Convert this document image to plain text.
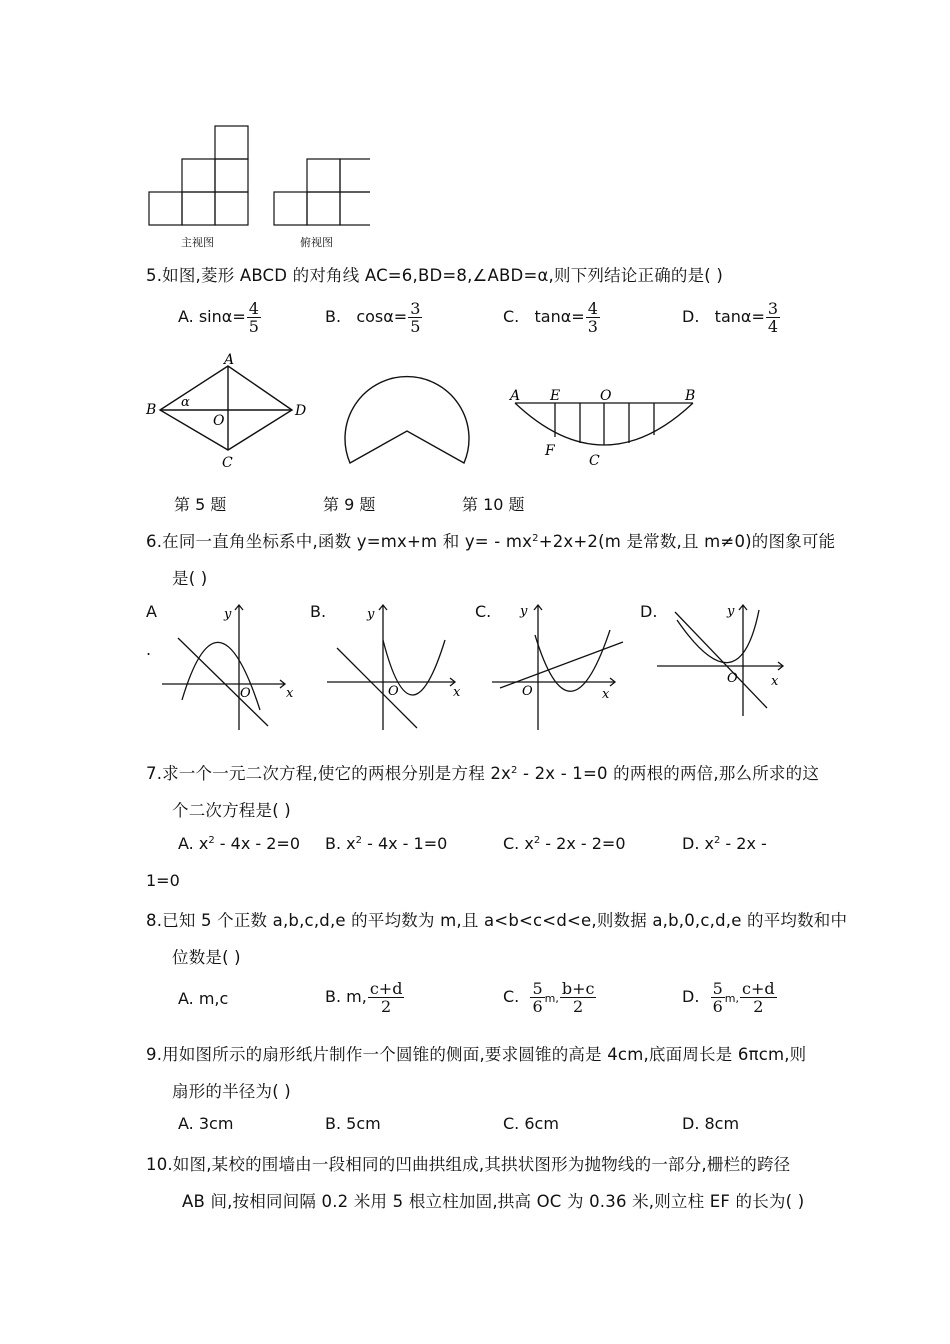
主视图	俯视图
5.如图,菱形 ABCD 的对角线 AC=6,BD=8,∠ABD=α,则下列结论正确的是( )
A. $\sin\alpha= \frac{4}{5}$	B. $\cos\alpha= \frac{3}{5}$	C. $\tan\alpha= \frac{4}{3}$	D. $\tan\alpha= \frac{3}{4}$
A
B
C
D
O
α	A E	O	B
F
C
第 5 题	第 9 题	第 10 题
6.在同一直角坐标系中,函数 y=mx+m 和 $y= - mx^2+2x+2(m$ 是常数,且 m≠0)的图象可能
是( )
A
.
B.	C.	D.
y
x
O
y
x
O
y
x
O
y
x
O
7.求一个一元二次方程,使它的两根分别是方程 $2x^2 - 2x - 1=0$ 的两根的两倍,那么所求的这
个二次方程是( )
A. $x^2 - 4x - 2=0$ B. $x^2 - 4x - 1=0$	C. $x^2 - 2x - 2=0$	D. $x^2 - 2x$ -
1=0
8.已知 5 个正数 a,b,c,d,e 的平均数为 m,且 a<b<c<d<e,则数据 a,b,0,c,d,e 的平均数和中
位数是( )
A. m,c	B. m, $\frac{c+d}{2}$	C. $\frac{5}{6} m$, $\frac{b+c}{2}$	D. $\frac{5}{6} m$, $\frac{c+d}{2}$
9.用如图所示的扇形纸片制作一个圆锥的侧面,要求圆锥的高是 4cm,底面周长是 6πcm,则
扇形的半径为( )
A. 3cm	B. 5cm	C. 6cm	D. 8cm
10.如图,某校的围墙由一段相同的凹曲拱组成,其拱状图形为抛物线的一部分,栅栏的跨径
AB 间,按相同间隔 0.2 米用 5 根立柱加固,拱高 OC 为 0.36 米,则立柱 EF 的长为( )
